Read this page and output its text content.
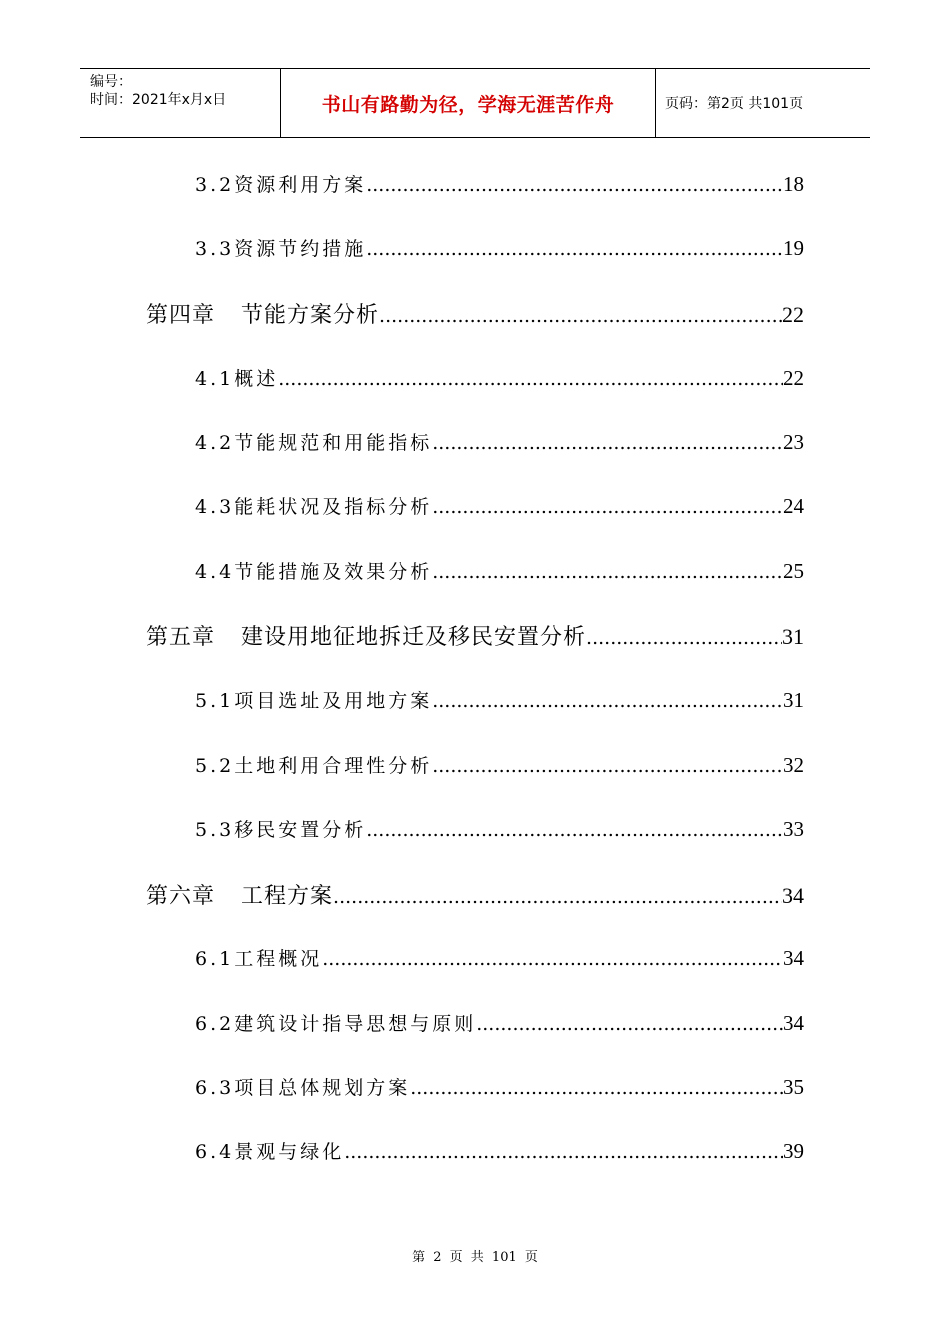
编号：
时间：2021年x月x日	书山有路勤为径，学海无涯苦作舟	页码：第2页 共101页
3.2资源利用方案 .....	18
3.3资源节约措施 .....	19
第四章 节能方案分析 .....	22
4.1概述 .....	22
4.2节能规范和用能指标 .....	23
4.3能耗状况及指标分析 .....	24
4.4节能措施及效果分析 .....	25
第五章 建设用地征地拆迁及移民安置分析 .....	31
5.1项目选址及用地方案 .....	31
5.2土地利用合理性分析 .....	32
5.3移民安置分析 .....	33
第六章 工程方案 .....	34
6.1工程概况 .....	34
6.2建筑设计指导思想与原则 .....	34
6.3项目总体规划方案 .....	35
6.4景观与绿化 .....	39
第 2 页 共 101 页
